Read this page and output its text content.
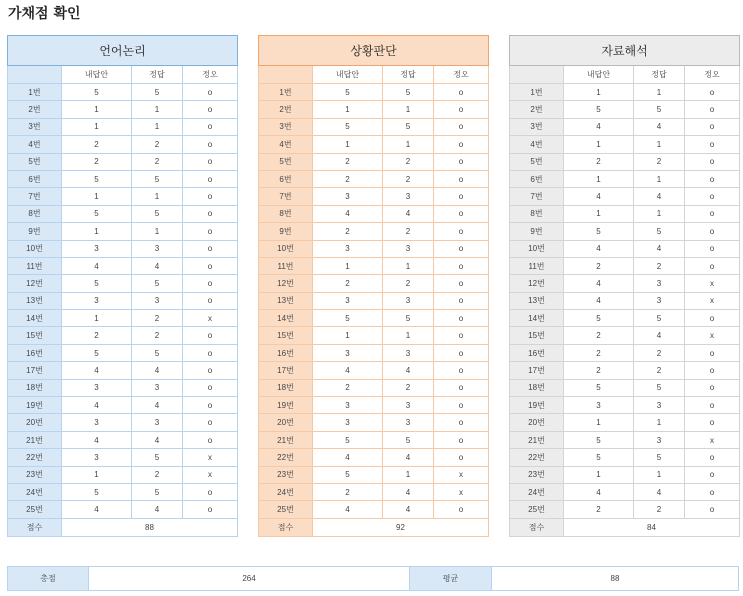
가채점 확인
언어논리			
	내답안	정답	정오
1번	5	5	o
2번	1	1	o
3번	1	1	o
4번	2	2	o
5번	2	2	o
6번	5	5	o
7번	1	1	o
8번	5	5	o
9번	1	1	o
10번	3	3	o
11번	4	4	o
12번	5	5	o
13번	3	3	o
14번	1	2	x
15번	2	2	o
16번	5	5	o
17번	4	4	o
18번	3	3	o
19번	4	4	o
20번	3	3	o
21번	4	4	o
22번	3	5	x
23번	1	2	x
24번	5	5	o
25번	4	4	o
점수	88		
상황판단			
	내답안	정답	정오
1번	5	5	o
2번	1	1	o
3번	5	5	o
4번	1	1	o
5번	2	2	o
6번	2	2	o
7번	3	3	o
8번	4	4	o
9번	2	2	o
10번	3	3	o
11번	1	1	o
12번	2	2	o
13번	3	3	o
14번	5	5	o
15번	1	1	o
16번	3	3	o
17번	4	4	o
18번	2	2	o
19번	3	3	o
20번	3	3	o
21번	5	5	o
22번	4	4	o
23번	5	1	x
24번	2	4	x
25번	4	4	o
점수	92		
자료해석			
	내답안	정답	정오
1번	1	1	o
2번	5	5	o
3번	4	4	o
4번	1	1	o
5번	2	2	o
6번	1	1	o
7번	4	4	o
8번	1	1	o
9번	5	5	o
10번	4	4	o
11번	2	2	o
12번	4	3	x
13번	4	3	x
14번	5	5	o
15번	2	4	x
16번	2	2	o
17번	2	2	o
18번	5	5	o
19번	3	3	o
20번	1	1	o
21번	5	3	x
22번	5	5	o
23번	1	1	o
24번	4	4	o
25번	2	2	o
점수	84		
총점	264	평균	88
